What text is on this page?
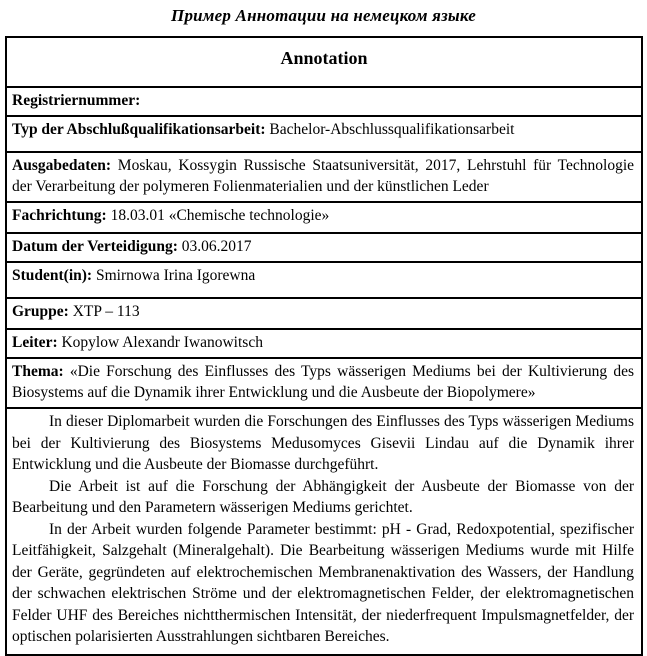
Пример Аннотации на немецком языке
Annotation
Registriernummer:
Typ der Abschlußqualifikationsarbeit: Bachelor-Abschlussqualifikationsarbeit
Ausgabedaten: Moskau, Kossygin Russische Staatsuniversität, 2017, Lehrstuhl für Technologie der Verarbeitung der polymeren Folienmaterialien und der künstlichen Leder
Fachrichtung: 18.03.01 «Chemische technologie»
Datum der Verteidigung: 03.06.2017
Student(in): Smirnowa Irina Igorewna
Gruppe: XTP – 113
Leiter: Kopylow Alexandr Iwanowitsch
Thema: «Die Forschung des Einflusses des Typs wässerigen Mediums bei der Kultivierung des Biosystems auf die Dynamik ihrer Entwicklung und die Ausbeute der Biopolymere»

In dieser Diplomarbeit wurden die Forschungen des Einflusses des Typs wässerigen Mediums bei der Kultivierung des Biosystems Medusomyces Gisevii Lindau auf die Dynamik ihrer Entwicklung und die Ausbeute der Biomasse durchgeführt.

Die Arbeit ist auf die Forschung der Abhängigkeit der Ausbeute der Biomasse von der Bearbeitung und den Parametern wässerigen Mediums gerichtet.

In der Arbeit wurden folgende Parameter bestimmt: pH - Grad, Redoxpotential, spezifischer Leitfähigkeit, Salzgehalt (Mineralgehalt). Die Bearbeitung wässerigen Mediums wurde mit Hilfe der Geräte, gegründeten auf elektrochemischen Membranenaktivation des Wassers, der Handlung der schwachen elektrischen Ströme und der elektromagnetischen Felder, der elektromagnetischen Felder UHF des Bereiches nichtthermischen Intensität, der niederfrequent Impulsmagnetfelder, der optischen polarisierten Ausstrahlungen sichtbaren Bereiches.
